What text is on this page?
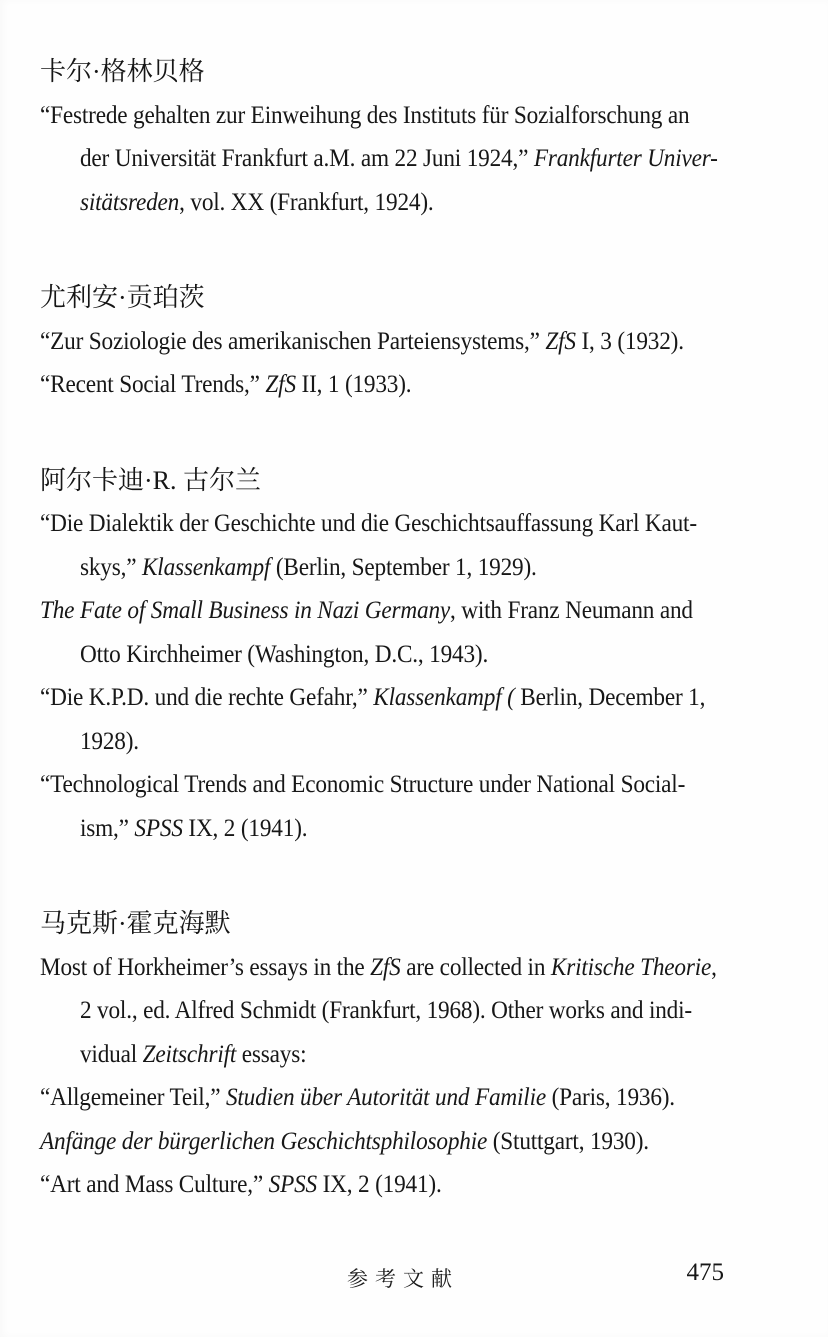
卡尔·格林贝格
“Festrede gehalten zur Einweihung des Instituts für Sozialforschung an
der Universität Frankfurt a.M. am 22 Juni 1924,” Frankfurter Univer-
sitätsreden, vol. XX (Frankfurt, 1924).
尤利安·贡珀茨
“Zur Soziologie des amerikanischen Parteiensystems,” ZfS I, 3 (1932).
“Recent Social Trends,” ZfS II, 1 (1933).
阿尔卡迪·R. 古尔兰
“Die Dialektik der Geschichte und die Geschichtsauffassung Karl Kaut-
skys,” Klassenkampf (Berlin, September 1, 1929).
The Fate of Small Business in Nazi Germany, with Franz Neumann and
Otto Kirchheimer (Washington, D.C., 1943).
“Die K.P.D. und die rechte Gefahr,” Klassenkampf ( Berlin, December 1,
1928).
“Technological Trends and Economic Structure under National Social-
ism,” SPSS IX, 2 (1941).
马克斯·霍克海默
Most of Horkheimer’s essays in the ZfS are collected in Kritische Theorie,
2 vol., ed. Alfred Schmidt (Frankfurt, 1968). Other works and indi-
vidual Zeitschrift essays:
“Allgemeiner Teil,” Studien über Autorität und Familie (Paris, 1936).
Anfänge der bürgerlichen Geschichtsphilosophie (Stuttgart, 1930).
“Art and Mass Culture,” SPSS IX, 2 (1941).
参考文献	475
